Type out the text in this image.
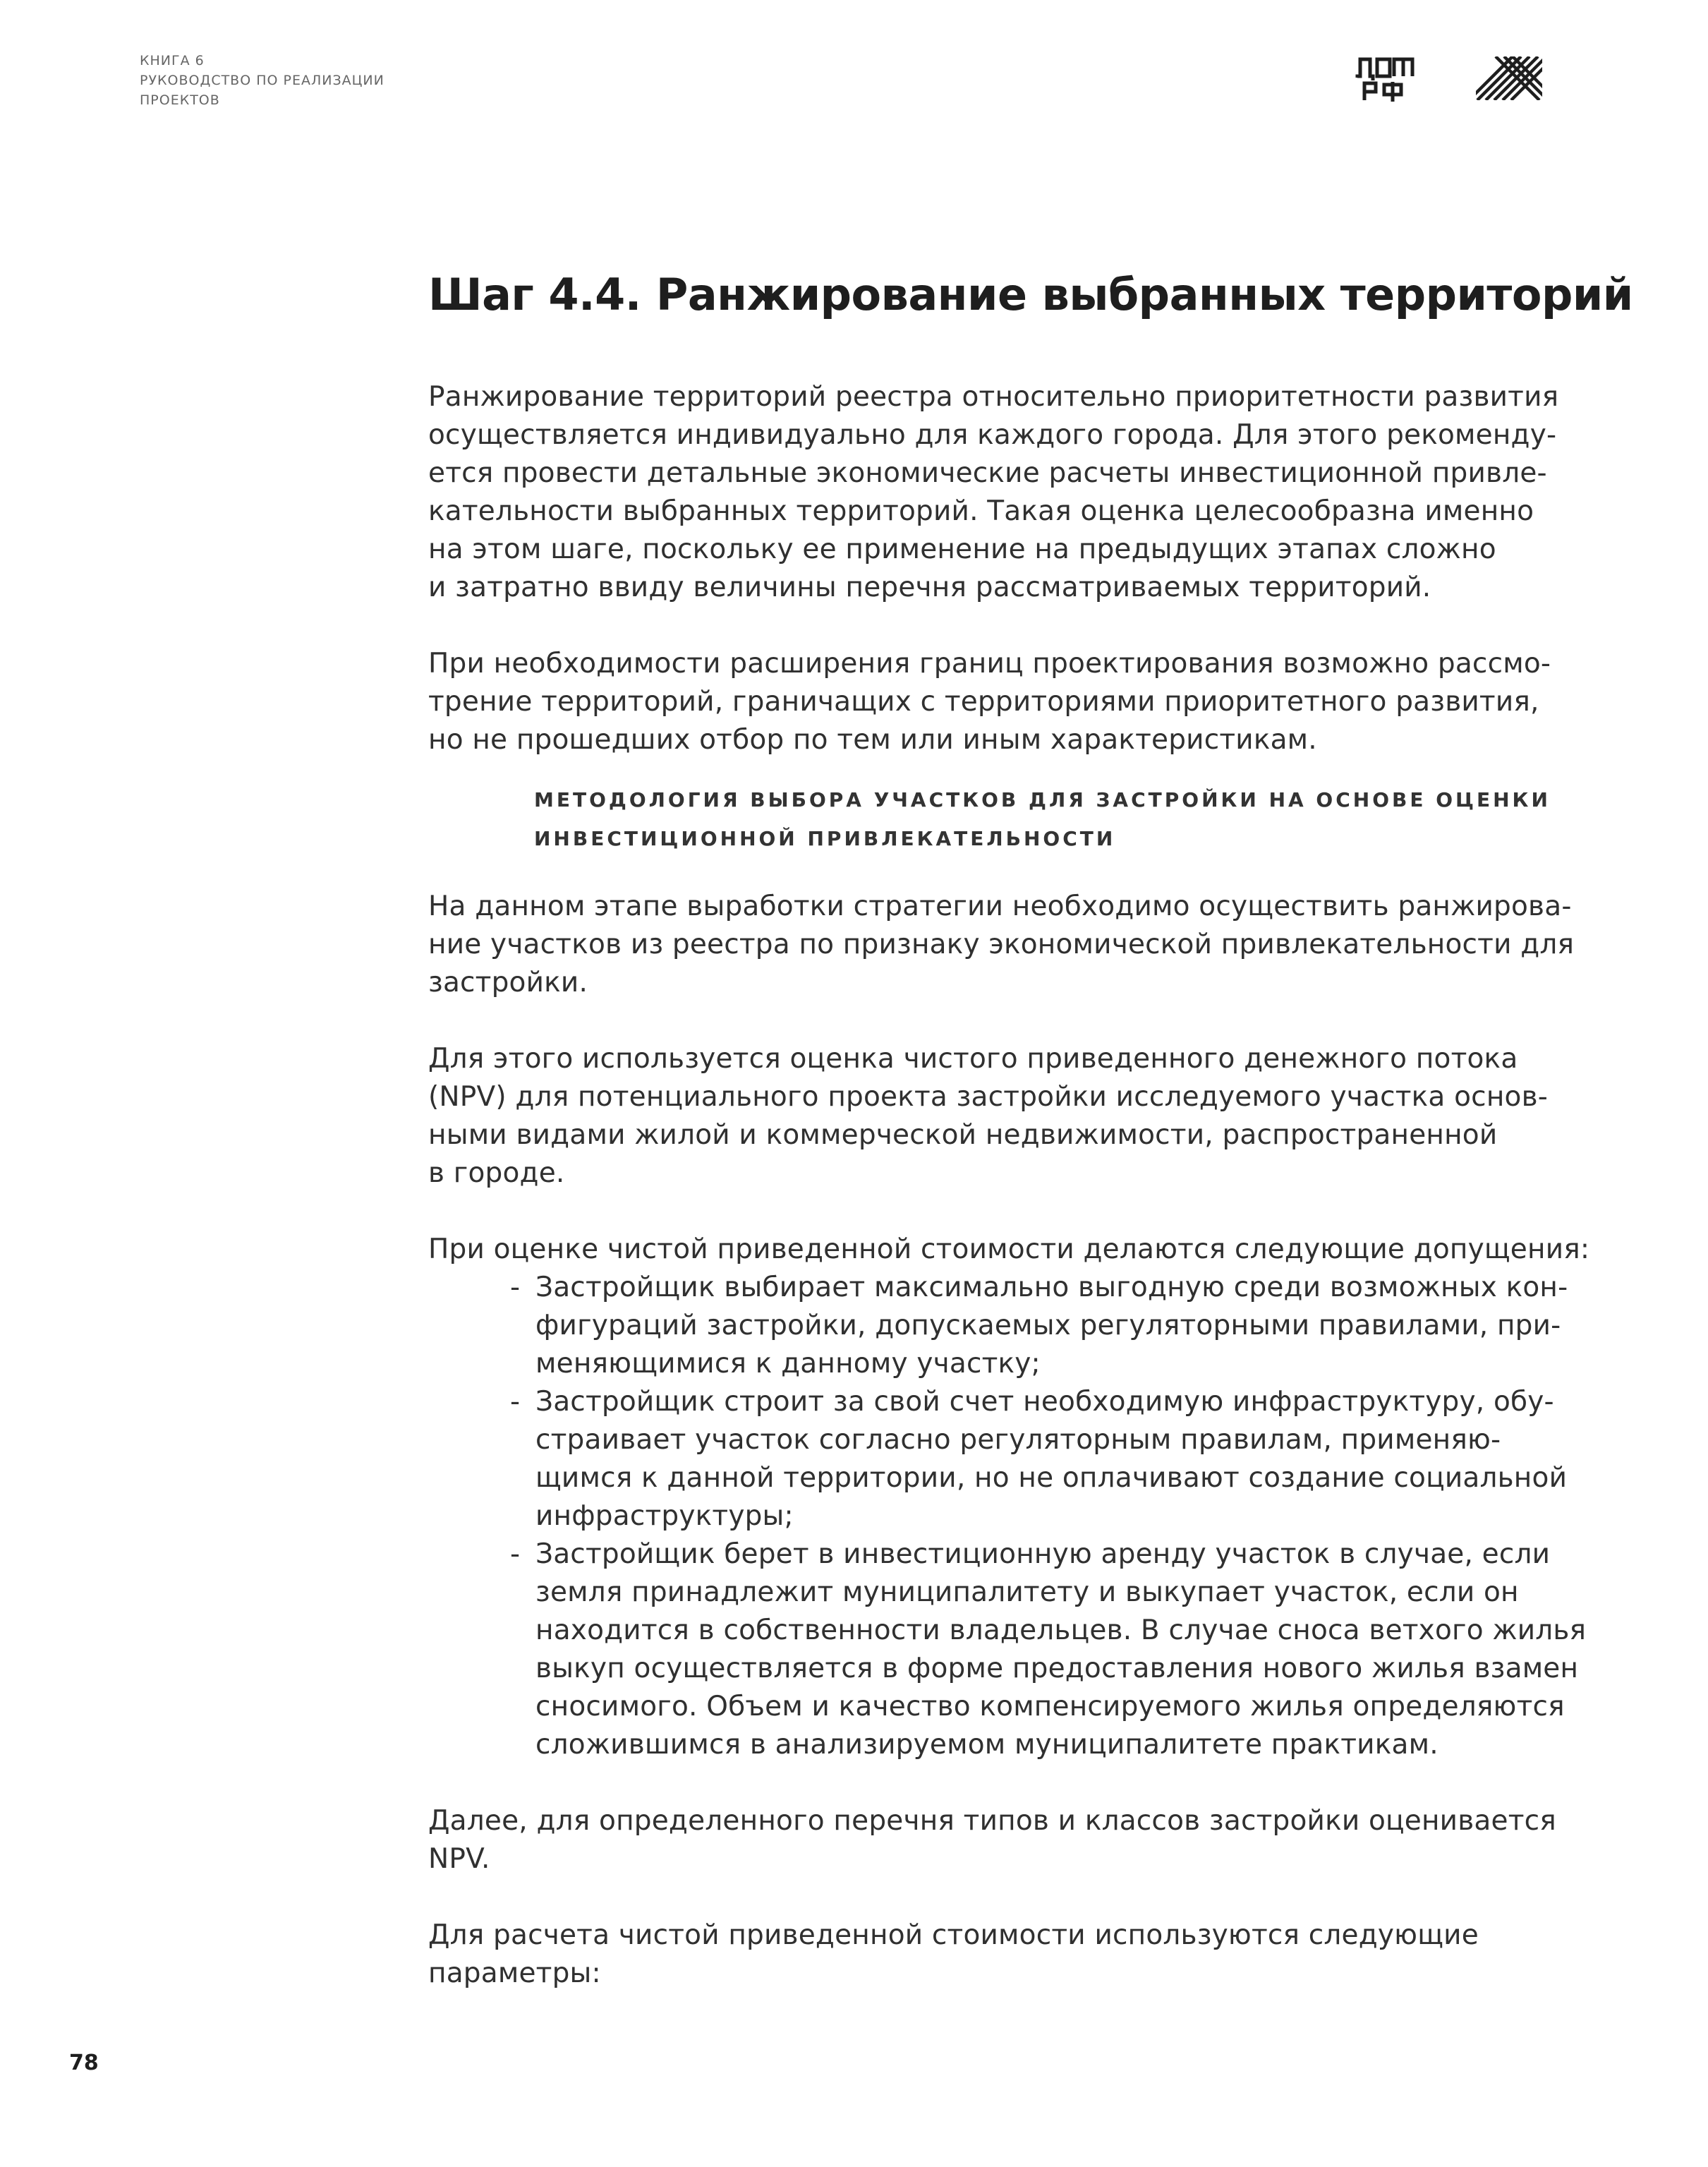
КНИГА 6
РУКОВОДСТВО ПО РЕАЛИЗАЦИИ
ПРОЕКТОВ
Шаг 4.4. Ранжирование выбранных территорий

Ранжирование территорий реестра относительно приоритетности развития
осуществляется индивидуально для каждого города. Для этого рекоменду-
ется провести детальные экономические расчеты инвестиционной привле-
кательности выбранных территорий. Такая оценка целесообразна именно
на этом шаге, поскольку ее применение на предыдущих этапах сложно
и затратно ввиду величины перечня рассматриваемых территорий.

При необходимости расширения границ проектирования возможно рассмо-
трение территорий, граничащих с территориями приоритетного развития,
но не прошедших отбор по тем или иным характеристикам.

МЕТОДОЛОГИЯ ВЫБОРА УЧАСТКОВ ДЛЯ ЗАСТРОЙКИ НА ОСНОВЕ ОЦЕНКИ
ИНВЕСТИЦИОННОЙ ПРИВЛЕКАТЕЛЬНОСТИ

На данном этапе выработки стратегии необходимо осуществить ранжирова-
ние участков из реестра по признаку экономической привлекательности для
застройки.

Для этого используется оценка чистого приведенного денежного потока
(NPV) для потенциального проекта застройки исследуемого участка основ-
ными видами жилой и коммерческой недвижимости, распространенной
в городе.

При оценке чистой приведенной стоимости делаются следующие допущения:

- Застройщик выбирает максимально выгодную среди возможных кон-
фигураций застройки, допускаемых регуляторными правилами, при-
меняющимися к данному участку;
- Застройщик строит за свой счет необходимую инфраструктуру, обу-
страивает участок согласно регуляторным правилам, применяю-
щимся к данной территории, но не оплачивают создание социальной
инфраструктуры;
- Застройщик берет в инвестиционную аренду участок в случае, если
земля принадлежит муниципалитету и выкупает участок, если он
находится в собственности владельцев. В случае сноса ветхого жилья
выкуп осуществляется в форме предоставления нового жилья взамен
сносимого. Объем и качество компенсируемого жилья определяются
сложившимся в анализируемом муниципалитете практикам.

Далее, для определенного перечня типов и классов застройки оценивается
NPV.

Для расчета чистой приведенной стоимости используются следующие
параметры:

78
